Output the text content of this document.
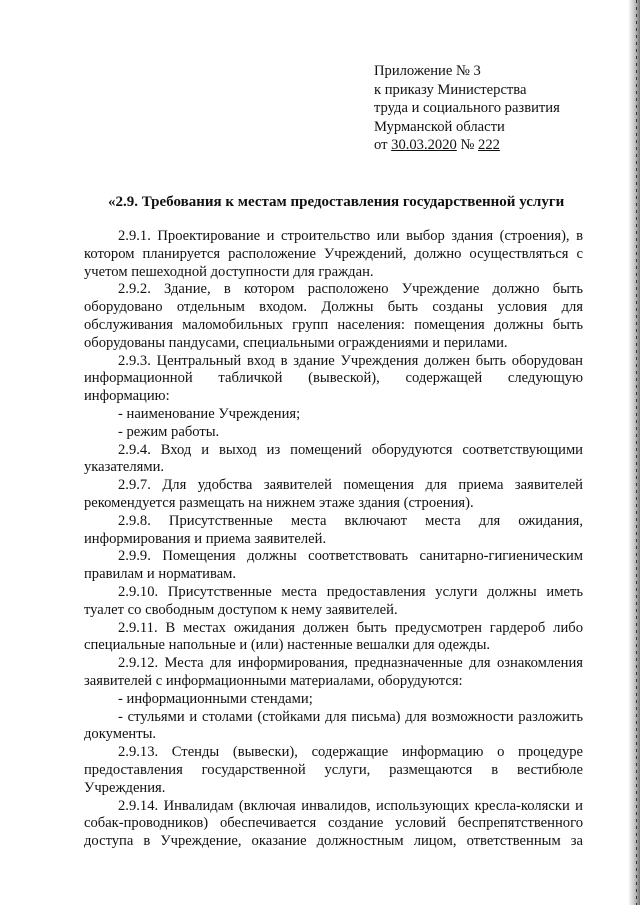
Приложение № 3
к приказу Министерства
труда и социального развития
Мурманской области
от 30.03.2020 № 222
«2.9. Требования к местам предоставления государственной услуги

2.9.1. Проектирование и строительство или выбор здания (строения), в котором планируется расположение Учреждений, должно осуществляться с учетом пешеходной доступности для граждан.

2.9.2. Здание, в котором расположено Учреждение должно быть оборудовано отдельным входом. Должны быть созданы условия для обслуживания маломобильных групп населения: помещения должны быть оборудованы пандусами, специальными ограждениями и перилами.

2.9.3. Центральный вход в здание Учреждения должен быть оборудован информационной табличкой (вывеской), содержащей следующую информацию:

- наименование Учреждения;

- режим работы.

2.9.4. Вход и выход из помещений оборудуются соответствующими указателями.

2.9.7. Для удобства заявителей помещения для приема заявителей рекомендуется размещать на нижнем этаже здания (строения).

2.9.8. Присутственные места включают места для ожидания, информирования и приема заявителей.

2.9.9. Помещения должны соответствовать санитарно-гигиеническим правилам и нормативам.

2.9.10. Присутственные места предоставления услуги должны иметь туалет со свободным доступом к нему заявителей.

2.9.11. В местах ожидания должен быть предусмотрен гардероб либо специальные напольные и (или) настенные вешалки для одежды.

2.9.12. Места для информирования, предназначенные для ознакомления заявителей с информационными материалами, оборудуются:

- информационными стендами;

- стульями и столами (стойками для письма) для возможности разложить документы.

2.9.13. Стенды (вывески), содержащие информацию о процедуре предоставления государственной услуги, размещаются в вестибюле Учреждения.

2.9.14. Инвалидам (включая инвалидов, использующих кресла-коляски и собак-проводников) обеспечивается создание условий беспрепятственного доступа в Учреждение, оказание должностным лицом, ответственным за
